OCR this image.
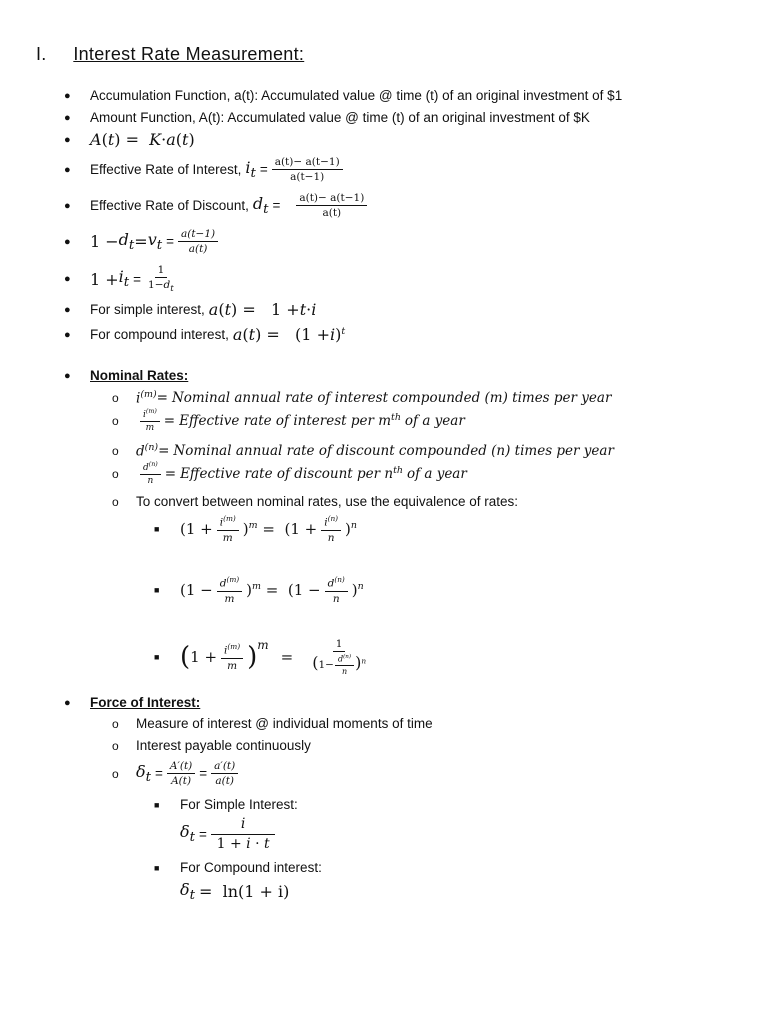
I. Interest Rate Measurement:
●	Accumulation Function, a(t): Accumulated value @ time (t) of an original investment of $1
●	Amount Function, A(t): Accumulated value @ time (t) of an original investment of $K
●	A ( t ) = K · a ( t )
●	Effective Rate of Interest, $i_t = \frac{a(t)- a(t-1)}{a(t-1)}$
●	Effective Rate of Discount, $d_t = \frac{a(t)- a(t-1)}{a(t)}$
●	$1 - d_t = v_t = \frac{a(t-1)}{a(t)}$
●	$1 + i_t = \frac{1}{1-d_t}$
●	For simple interest, a ( t ) =   1 + t · i
●	For compound interest, a ( t ) =   (1 + i ) $^t$
●	Nominal Rates:
o	$i^{(m)}$ = Nominal annual rate of interest compounded (m) times per year
o	$\frac{i^{(m)}}{m}$ = Effective rate of interest per m $^{th}$ of a year
o	$d^{(n)}$ = Nominal annual rate of discount compounded (n) times per year
o	$\frac{d^{(n)}}{n}$ = Effective rate of discount per n $^{th}$ of a year
o	To convert between nominal rates, use the equivalence of rates:
■	($1 + \frac{i^{(m)}}{m}$ ) $^m = (1 + \frac{i^{(n)}}{n}$ ) $^n$
■	($1 - \frac{d^{(m)}}{m}$ ) $^m = (1 - \frac{d^{(n)}}{n}$ ) $^n$
■ ( $1 + \frac{i^{(m)}}{m}$ ) m
= $\frac{1}{(1- \frac{d^{(n)}}{n} )^n}$
●	Force of Interest:
o	Measure of interest @ individual moments of time
o	Interest payable continuously
o	$\delta_t = \frac{A'(t)}{A(t)} = \frac{a'(t)}{a(t)}$
■	For Simple Interest:
$\delta_t = \frac{i}{1 + i \cdot t}$
■	For Compound interest:
$\delta_t = \ln(1 + i)$
